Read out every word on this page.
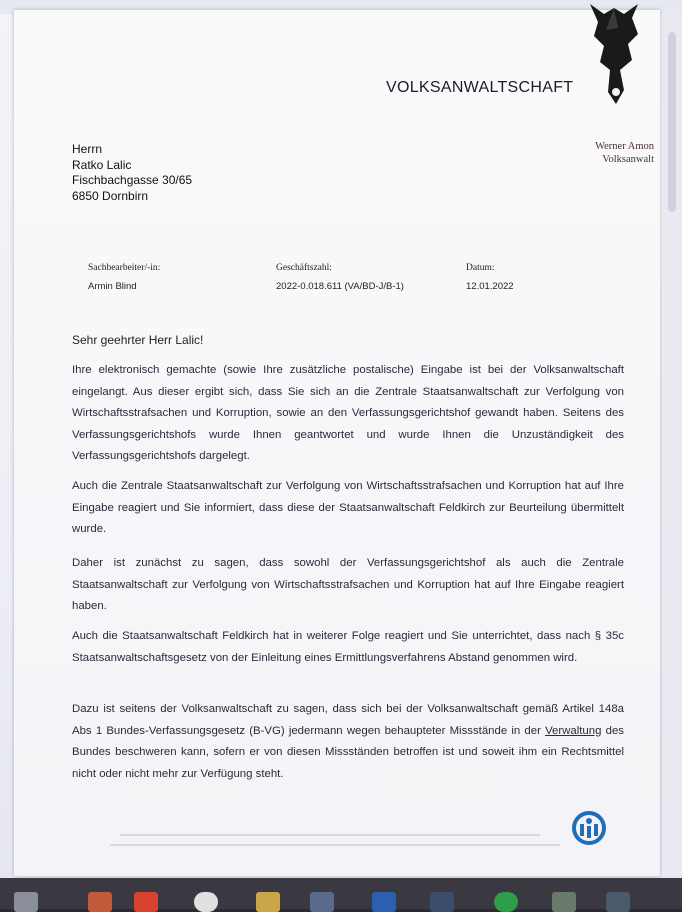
VOLKSANWALTSCHAFT
Werner Amon
Volksanwalt
Herrn
Ratko Lalic
Fischbachgasse 30/65
6850 Dornbirn
Sachbearbeiter/-in:
Armin Blind
Geschäftszahl:
2022-0.018.611 (VA/BD-J/B-1)
Datum:
12.01.2022
Sehr geehrter Herr Lalic!

Ihre elektronisch gemachte (sowie Ihre zusätzliche postalische) Eingabe ist bei der Volksanwaltschaft eingelangt. Aus dieser ergibt sich, dass Sie sich an die Zentrale Staatsanwaltschaft zur Verfolgung von Wirtschaftsstrafsachen und Korruption, sowie an den Verfassungsgerichtshof gewandt haben. Seitens des Verfassungsgerichtshofs wurde Ihnen geantwortet und wurde Ihnen die Unzuständigkeit des Verfassungsgerichtshofs dargelegt.

Auch die Zentrale Staatsanwaltschaft zur Verfolgung von Wirtschaftsstrafsachen und Korruption hat auf Ihre Eingabe reagiert und Sie informiert, dass diese der Staatsanwaltschaft Feldkirch zur Beurteilung übermittelt wurde.

Daher ist zunächst zu sagen, dass sowohl der Verfassungsgerichtshof als auch die Zentrale Staatsanwaltschaft zur Verfolgung von Wirtschaftsstrafsachen und Korruption hat auf Ihre Eingabe reagiert haben.

Auch die Staatsanwaltschaft Feldkirch hat in weiterer Folge reagiert und Sie unterrichtet, dass nach § 35c Staatsanwaltschaftsgesetz von der Einleitung eines Ermittlungsverfahrens Abstand genommen wird.

Dazu ist seitens der Volksanwaltschaft zu sagen, dass sich bei der Volksanwaltschaft gemäß Artikel 148a Abs 1 Bundes-Verfassungsgesetz (B-VG) jedermann wegen behaupteter Missstände in der Verwaltung des Bundes beschweren kann, sofern er von diesen Missständen betroffen ist und soweit ihm ein Rechtsmittel nicht oder nicht mehr zur Verfügung steht.
